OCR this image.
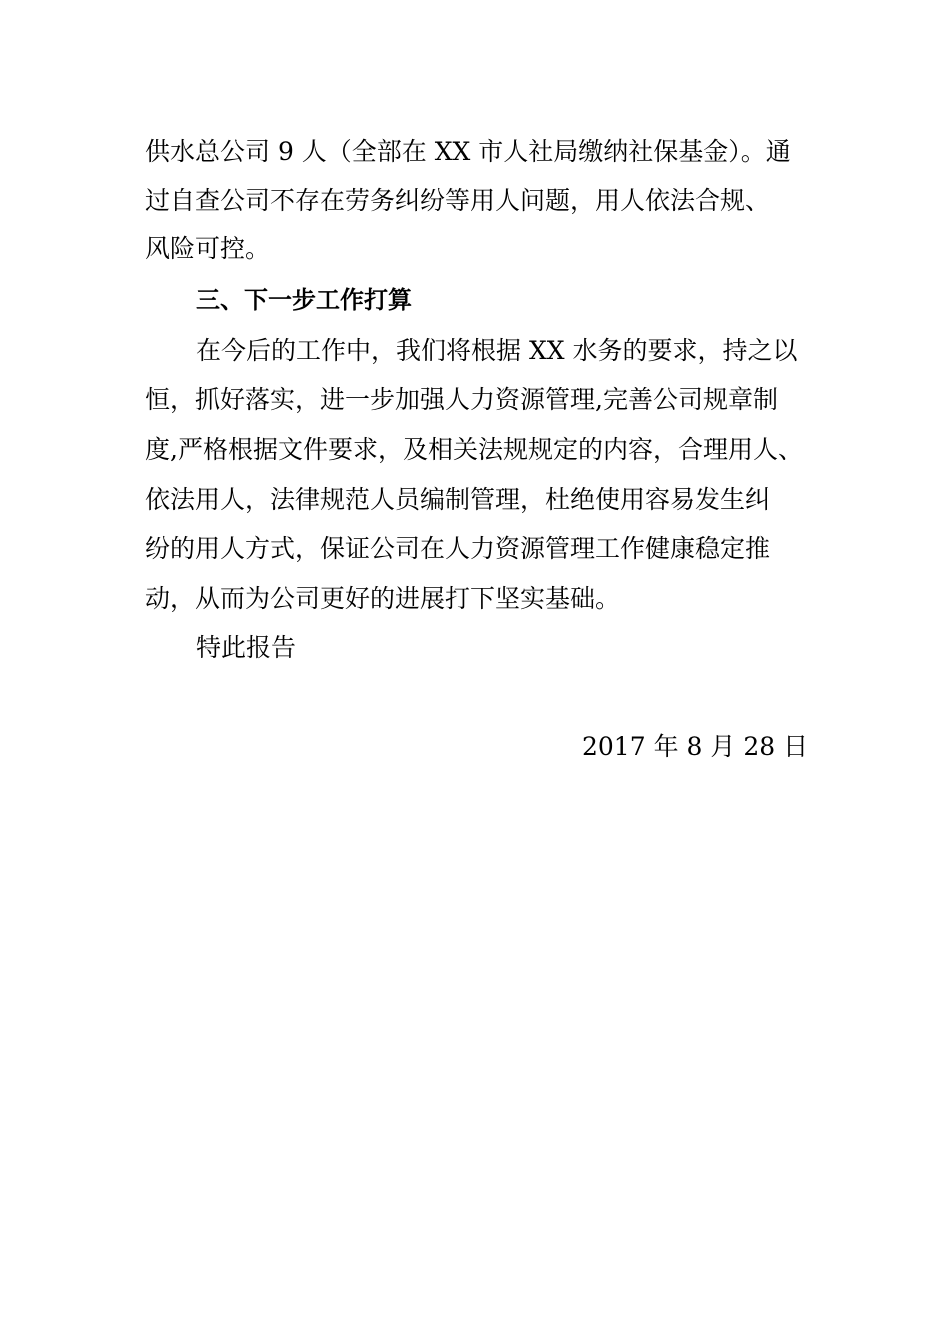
供水总公司 9 人（全部在 XX 市人社局缴纳社保基金）。通
过自查公司不存在劳务纠纷等用人问题，用人依法合规、
风险可控。
三、下一步工作打算
在今后的工作中，我们将根据 XX 水务的要求，持之以
恒，抓好落实，进一步加强人力资源管理,完善公司规章制
度,严格根据文件要求，及相关法规规定的内容，合理用人、
依法用人，法律规范人员编制管理，杜绝使用容易发生纠
纷的用人方式，保证公司在人力资源管理工作健康稳定推
动，从而为公司更好的进展打下坚实基础。
特此报告
2017 年 8 月 28 日
